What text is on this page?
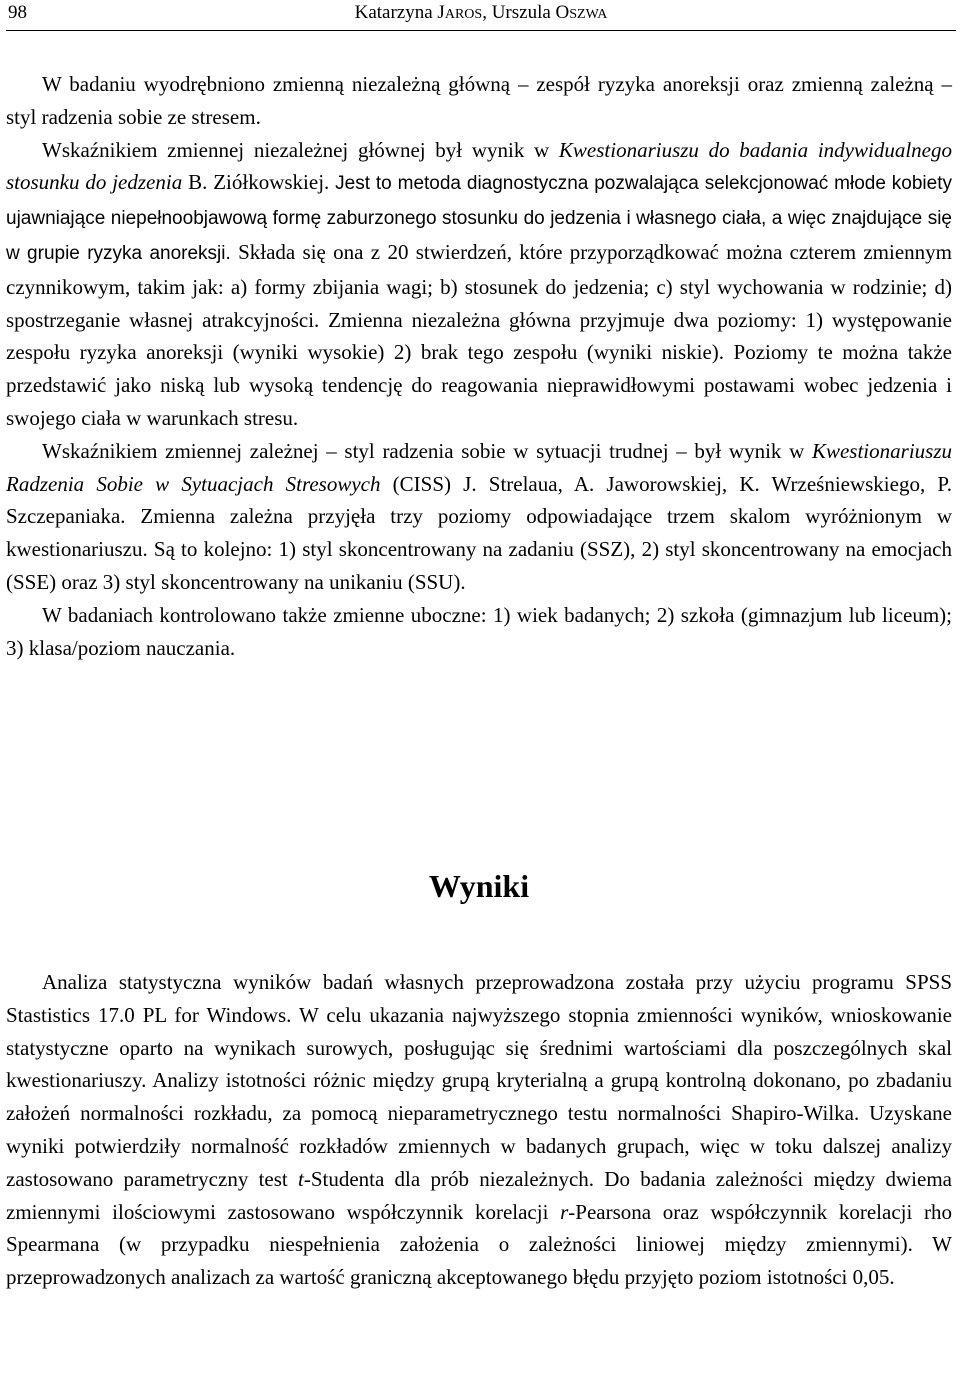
98	Katarzyna JAROS, Urszula OSZWA

W badaniu wyodrębniono zmienną niezależną główną – zespół ryzyka anoreksji oraz zmienną zależną – styl radzenia sobie ze stresem.

Wskaźnikiem zmiennej niezależnej głównej był wynik w Kwestionariuszu do badania indywidualnego stosunku do jedzenia B. Ziółkowskiej. Jest to metoda diagnostyczna pozwalająca selekcjonować młode kobiety ujawniające niepełnoobjawową formę zaburzonego stosunku do jedzenia i własnego ciała, a więc znajdujące się w grupie ryzyka anoreksji. Składa się ona z 20 stwierdzeń, które przyporządkować można czterem zmiennym czynnikowym, takim jak: a) formy zbijania wagi; b) stosunek do jedzenia; c) styl wychowania w rodzinie; d) spostrzeganie własnej atrakcyjności. Zmienna niezależna główna przyjmuje dwa poziomy: 1) występowanie zespołu ryzyka anoreksji (wyniki wysokie) 2) brak tego zespołu (wyniki niskie). Poziomy te można także przedstawić jako niską lub wysoką tendencję do reagowania nieprawidłowymi postawami wobec jedzenia i swojego ciała w warunkach stresu.

Wskaźnikiem zmiennej zależnej – styl radzenia sobie w sytuacji trudnej – był wynik w Kwestionariuszu Radzenia Sobie w Sytuacjach Stresowych (CISS) J. Strelaua, A. Jaworowskiej, K. Wrześniewskiego, P. Szczepaniaka. Zmienna zależna przyjęła trzy poziomy odpowiadające trzem skalom wyróżnionym w kwestionariuszu. Są to kolejno: 1) styl skoncentrowany na zadaniu (SSZ), 2) styl skoncentrowany na emocjach (SSE) oraz 3) styl skoncentrowany na unikaniu (SSU).

W badaniach kontrolowano także zmienne uboczne: 1) wiek badanych; 2) szkoła (gimnazjum lub liceum); 3) klasa/poziom nauczania.

Wyniki

Analiza statystyczna wyników badań własnych przeprowadzona została przy użyciu programu SPSS Stastistics 17.0 PL for Windows. W celu ukazania najwyższego stopnia zmienności wyników, wnioskowanie statystyczne oparto na wynikach surowych, posługując się średnimi wartościami dla poszczególnych skal kwestionariuszy. Analizy istotności różnic między grupą kryterialną a grupą kontrolną dokonano, po zbadaniu założeń normalności rozkładu, za pomocą nieparametrycznego testu normalności Shapiro-Wilka. Uzyskane wyniki potwierdziły normalność rozkładów zmiennych w badanych grupach, więc w toku dalszej analizy zastosowano parametryczny test t-Studenta dla prób niezależnych. Do badania zależności między dwiema zmiennymi ilościowymi zastosowano współczynnik korelacji r-Pearsona oraz współczynnik korelacji rho Spearmana (w przypadku niespełnienia założenia o zależności liniowej między zmiennymi). W przeprowadzonych analizach za wartość graniczną akceptowanego błędu przyjęto poziom istotności 0,05.
